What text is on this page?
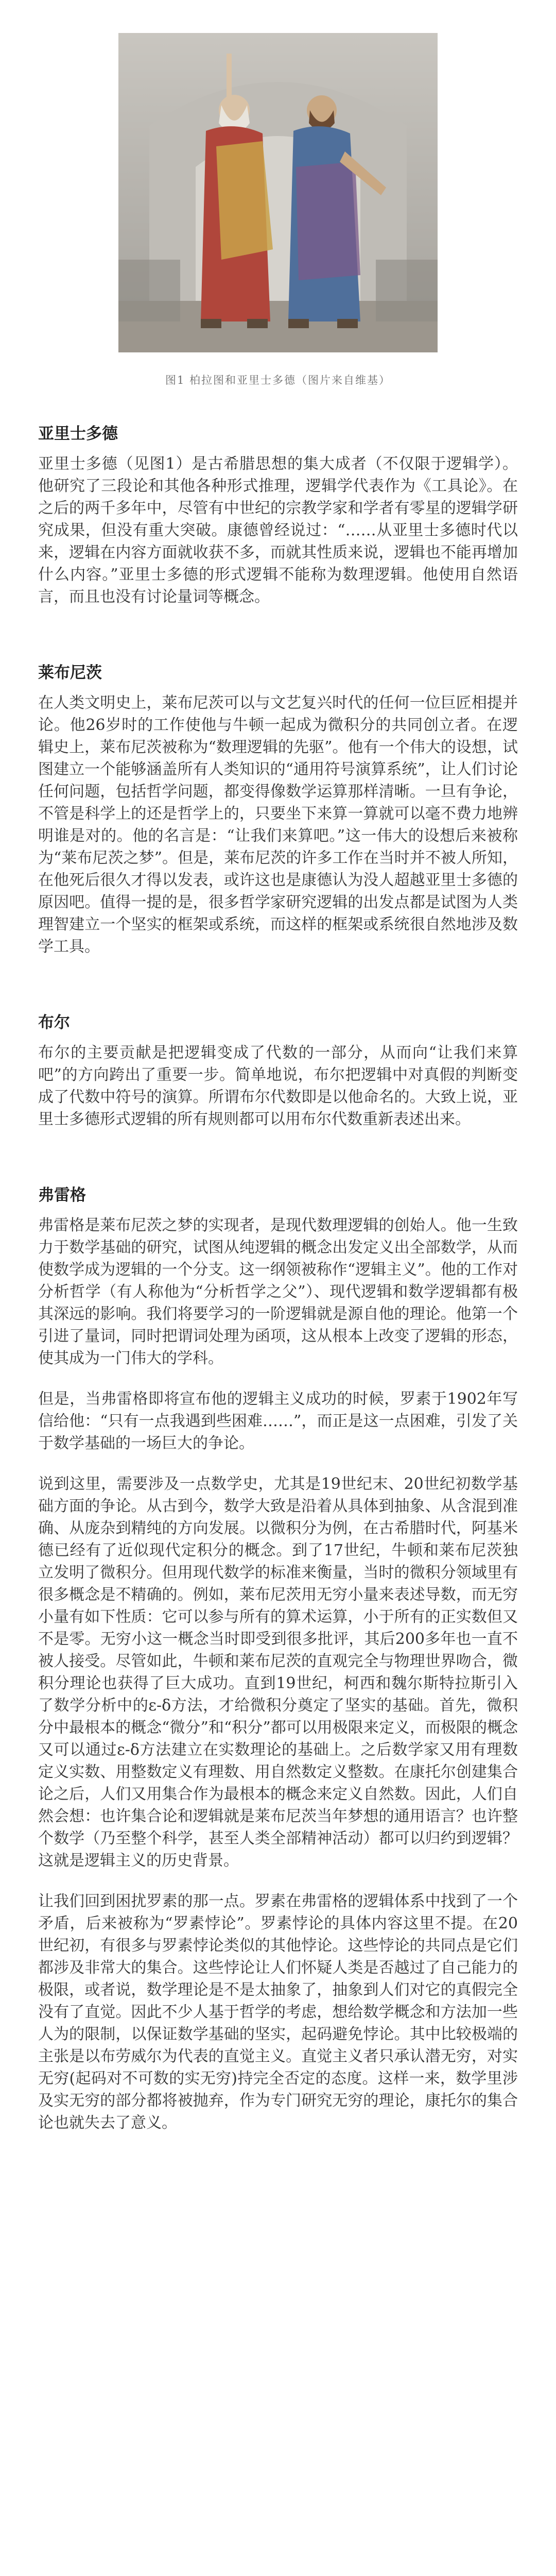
图1 柏拉图和亚里士多德（图片来自维基）
亚里士多德

亚里士多德（见图1）是古希腊思想的集大成者（不仅限于逻辑学）。他研究了三段论和其他各种形式推理，逻辑学代表作为《工具论》。在之后的两千多年中，尽管有中世纪的宗教学家和学者有零星的逻辑学研究成果，但没有重大突破。康德曾经说过：“……从亚里士多德时代以来，逻辑在内容方面就收获不多，而就其性质来说，逻辑也不能再增加什么内容。”亚里士多德的形式逻辑不能称为数理逻辑。他使用自然语言，而且也没有讨论量词等概念。

莱布尼茨

在人类文明史上，莱布尼茨可以与文艺复兴时代的任何一位巨匠相提并论。他26岁时的工作使他与牛顿一起成为微积分的共同创立者。在逻辑史上，莱布尼茨被称为“数理逻辑的先驱”。他有一个伟大的设想，试图建立一个能够涵盖所有人类知识的“通用符号演算系统”，让人们讨论任何问题，包括哲学问题，都变得像数学运算那样清晰。一旦有争论，不管是科学上的还是哲学上的，只要坐下来算一算就可以毫不费力地辨明谁是对的。他的名言是：“让我们来算吧。”这一伟大的设想后来被称为“莱布尼茨之梦”。但是，莱布尼茨的许多工作在当时并不被人所知，在他死后很久才得以发表，或许这也是康德认为没人超越亚里士多德的原因吧。值得一提的是，很多哲学家研究逻辑的出发点都是试图为人类理智建立一个坚实的框架或系统，而这样的框架或系统很自然地涉及数学工具。

布尔

布尔的主要贡献是把逻辑变成了代数的一部分，从而向“让我们来算吧”的方向跨出了重要一步。简单地说，布尔把逻辑中对真假的判断变成了代数中符号的演算。所谓布尔代数即是以他命名的。大致上说，亚里士多德形式逻辑的所有规则都可以用布尔代数重新表述出来。

弗雷格

弗雷格是莱布尼茨之梦的实现者，是现代数理逻辑的创始人。他一生致力于数学基础的研究，试图从纯逻辑的概念出发定义出全部数学，从而使数学成为逻辑的一个分支。这一纲领被称作“逻辑主义”。他的工作对分析哲学（有人称他为“分析哲学之父”）、现代逻辑和数学逻辑都有极其深远的影响。我们将要学习的一阶逻辑就是源自他的理论。他第一个引进了量词，同时把谓词处理为函项，这从根本上改变了逻辑的形态，使其成为一门伟大的学科。

但是，当弗雷格即将宣布他的逻辑主义成功的时候，罗素于1902年写信给他：“只有一点我遇到些困难……”，而正是这一点困难，引发了关于数学基础的一场巨大的争论。

说到这里，需要涉及一点数学史，尤其是19世纪末、20世纪初数学基础方面的争论。从古到今，数学大致是沿着从具体到抽象、从含混到准确、从庞杂到精纯的方向发展。以微积分为例，在古希腊时代，阿基米德已经有了近似现代定积分的概念。到了17世纪，牛顿和莱布尼茨独立发明了微积分。但用现代数学的标准来衡量，当时的微积分领域里有很多概念是不精确的。例如，莱布尼茨用无穷小量来表述导数，而无穷小量有如下性质：它可以参与所有的算术运算，小于所有的正实数但又不是零。无穷小这一概念当时即受到很多批评，其后200多年也一直不被人接受。尽管如此，牛顿和莱布尼茨的直观完全与物理世界吻合，微积分理论也获得了巨大成功。直到19世纪，柯西和魏尔斯特拉斯引入了数学分析中的ε-δ方法，才给微积分奠定了坚实的基础。首先，微积分中最根本的概念“微分”和“积分”都可以用极限来定义，而极限的概念又可以通过ε-δ方法建立在实数理论的基础上。之后数学家又用有理数定义实数、用整数定义有理数、用自然数定义整数。在康托尔创建集合论之后，人们又用集合作为最根本的概念来定义自然数。因此，人们自然会想：也许集合论和逻辑就是莱布尼茨当年梦想的通用语言？也许整个数学（乃至整个科学，甚至人类全部精神活动）都可以归约到逻辑？这就是逻辑主义的历史背景。

让我们回到困扰罗素的那一点。罗素在弗雷格的逻辑体系中找到了一个矛盾，后来被称为“罗素悖论”。罗素悖论的具体内容这里不提。在20世纪初，有很多与罗素悖论类似的其他悖论。这些悖论的共同点是它们都涉及非常大的集合。这些悖论让人们怀疑人类是否越过了自己能力的极限，或者说，数学理论是不是太抽象了，抽象到人们对它的真假完全没有了直觉。因此不少人基于哲学的考虑，想给数学概念和方法加一些人为的限制，以保证数学基础的坚实，起码避免悖论。其中比较极端的主张是以布劳威尔为代表的直觉主义。直觉主义者只承认潜无穷，对实无穷(起码对不可数的实无穷)持完全否定的态度。这样一来，数学里涉及实无穷的部分都将被抛弃，作为专门研究无穷的理论，康托尔的集合论也就失去了意义。
